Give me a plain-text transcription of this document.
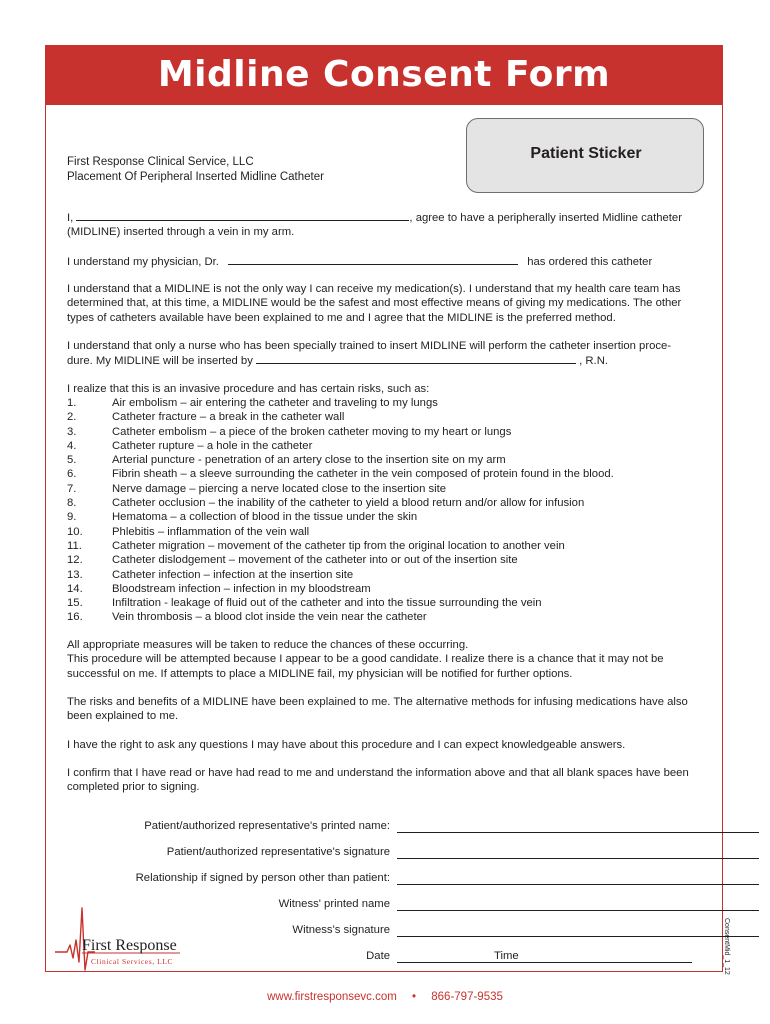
Midline Consent Form
Patient Sticker
First Response Clinical Service, LLC
Placement Of Peripheral Inserted Midline Catheter

I,	, agree to have a peripherally inserted Midline catheter
(MIDLINE) inserted through a vein in my arm.

I understand my physician, Dr.	has ordered this catheter

I understand that a MIDLINE is not the only way I can receive my medication(s). I understand that my health care team has determined that, at this time, a MIDLINE would be the safest and most effective means of giving my medications. The other types of catheters available have been explained to me and I agree that the MIDLINE is the preferred method.

I understand that only a nurse who has been specially trained to insert MIDLINE will perform the catheter insertion proce-
dure. My MIDLINE will be inserted by	, R.N.

I realize that this is an invasive procedure and has certain risks, such as:

1.	Air embolism – air entering the catheter and traveling to my lungs
2.	Catheter fracture – a break in the catheter wall
3.	Catheter embolism – a piece of the broken catheter moving to my heart or lungs
4.	Catheter rupture – a hole in the catheter
5.	Arterial puncture - penetration of an artery close to the insertion site on my arm
6.	Fibrin sheath – a sleeve surrounding the catheter in the vein composed of protein found in the blood.
7.	Nerve damage – piercing a nerve located close to the insertion site
8.	Catheter occlusion – the inability of the catheter to yield a blood return and/or allow for infusion
9.	Hematoma – a collection of blood in the tissue under the skin
10.	Phlebitis – inflammation of the vein wall
11.	Catheter migration – movement of the catheter tip from the original location to another vein
12.	Catheter dislodgement – movement of the catheter into or out of the insertion site
13.	Catheter infection – infection at the insertion site
14.	Bloodstream infection – infection in my bloodstream
15.	Infiltration - leakage of fluid out of the catheter and into the tissue surrounding the vein
16.	Vein thrombosis – a blood clot inside the vein near the catheter

All appropriate measures will be taken to reduce the chances of these occurring.
This procedure will be attempted because I appear to be a good candidate. I realize there is a chance that it may not be successful on me. If attempts to place a MIDLINE fail, my physician will be notified for further options.

The risks and benefits of a MIDLINE have been explained to me. The alternative methods for infusing medications have also been explained to me.

I have the right to ask any questions I may have about this procedure and I can expect knowledgeable answers.

I confirm that I have read or have had read to me and understand the information above and that all blank spaces have been completed prior to signing.

Patient/authorized representative's printed name:
Patient/authorized representative's signature
Relationship if signed by person other than patient:
Witness' printed name
Witness's signature
Date	Time
First Response
Clinical Services, LLC	ConsentMid_1_12
www.firstresponsevc.com • 866-797-9535
